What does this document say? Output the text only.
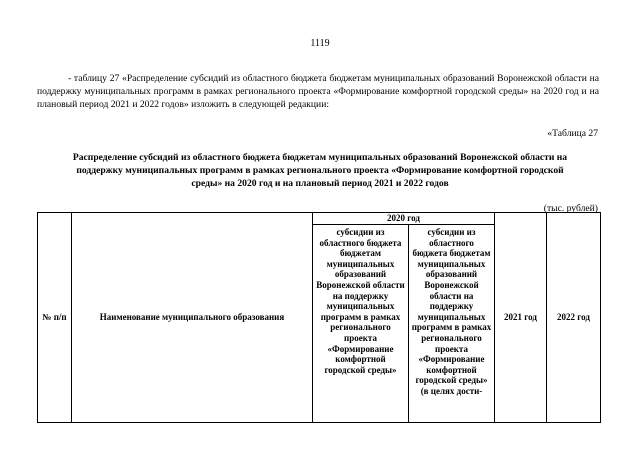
1119
- таблицу 27 «Распределение субсидий из областного бюджета бюджетам муниципальных образований Воронежской области на поддержку муниципальных программ в рамках регионального проекта «Формирование комфортной городской среды» на 2020 год и на плановый период 2021 и 2022 годов» изложить в следующей редакции:
«Таблица 27
Распределение субсидий из областного бюджета бюджетам муниципальных образований Воронежской области на поддержку муниципальных программ в рамках регионального проекта «Формирование комфортной городской среды» на 2020 год и на плановый период 2021 и 2022 годов
(тыс. рублей)
№ п/п	Наименование муниципального образования	2020 год		2021 год	2022 год
		субсидии из областного бюджета бюджетам муниципальных образований Воронежской области на поддержку муниципальных программ в рамках регионального проекта «Формирование комфортной городской среды»	субсидии из областного бюджета бюджетам муниципальных образований Воронежской области на поддержку муниципальных программ в рамках регионального проекта «Формирование комфортной городской среды» (в целях дости-		
